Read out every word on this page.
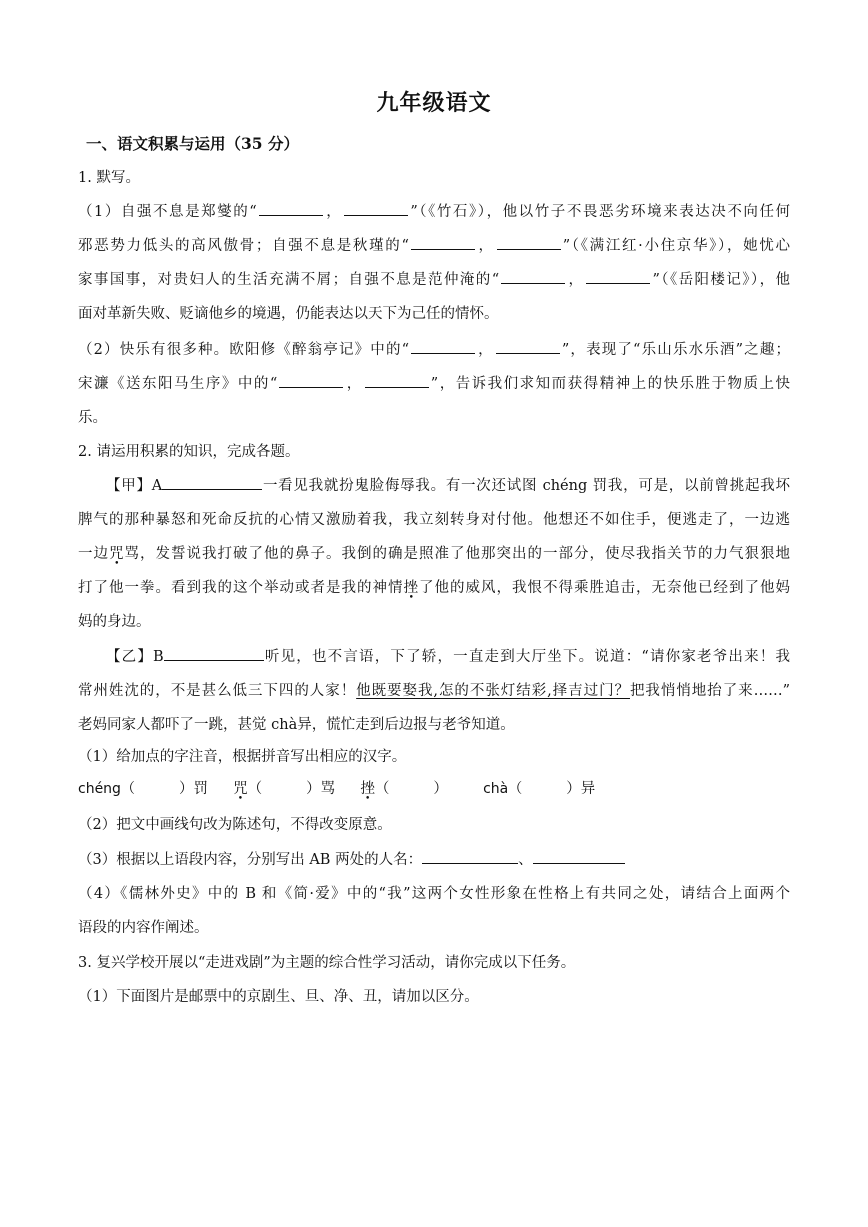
九年级语文
一、语文积累与运用（35 分）
1. 默写。
（1）自强不息是郑燮的“	，	”（《竹石》），他以竹子不畏恶劣环境来表达决不向任何
邪恶势力低头的高风傲骨；自强不息是秋瑾的“	，	”（《满江红·小住京华》），她忧心
家事国事，对贵妇人的生活充满不屑；自强不息是范仲淹的“	，	”（《岳阳楼记》），他
面对革新失败、贬谪他乡的境遇，仍能表达以天下为己任的情怀。
（2）快乐有很多种。欧阳修《醉翁亭记》中的“	，	”，表现了“乐山乐水乐酒”之趣；
宋濂《送东阳马生序》中的“	，	”，告诉我们求知而获得精神上的快乐胜于物质上快
乐。
2. 请运用积累的知识，完成各题。
【甲】A	一看见我就扮鬼脸侮辱我。有一次还试图 chéng 罚我，可是，以前曾挑起我坏
脾气的那种暴怒和死命反抗的心情又激励着我，我立刻转身对付他。他想还不如住手，便逃走了，一边逃
一边咒骂，发誓说我打破了他的鼻子。我倒的确是照准了他那突出的一部分，使尽我指关节的力气狠狠地
打了他一拳。看到我的这个举动或者是我的神情挫了他的威风，我恨不得乘胜追击，无奈他已经到了他妈
妈的身边。
【乙】B	听见，也不言语，下了轿，一直走到大厅坐下。说道：“请你家老爷出来！我
常州姓沈的，不是甚么低三下四的人家！他既要娶我,怎的不张灯结彩,择吉过门？把我悄悄地抬了来……”
老妈同家人都吓了一跳，甚觉 chà异，慌忙走到后边报与老爷知道。
（1）给加点的字注音，根据拼音写出相应的汉字。
chéng（	）罚 咒（	）骂 挫（	）	chà（	）异
（2）把文中画线句改为陈述句，不得改变原意。
（3）根据以上语段内容，分别写出 AB 两处的人名：	、
（4）《儒林外史》中的 B 和《简·爱》中的“我”这两个女性形象在性格上有共同之处，请结合上面两个
语段的内容作阐述。
3. 复兴学校开展以“走进戏剧”为主题的综合性学习活动，请你完成以下任务。
（1）下面图片是邮票中的京剧生、旦、净、丑，请加以区分。
